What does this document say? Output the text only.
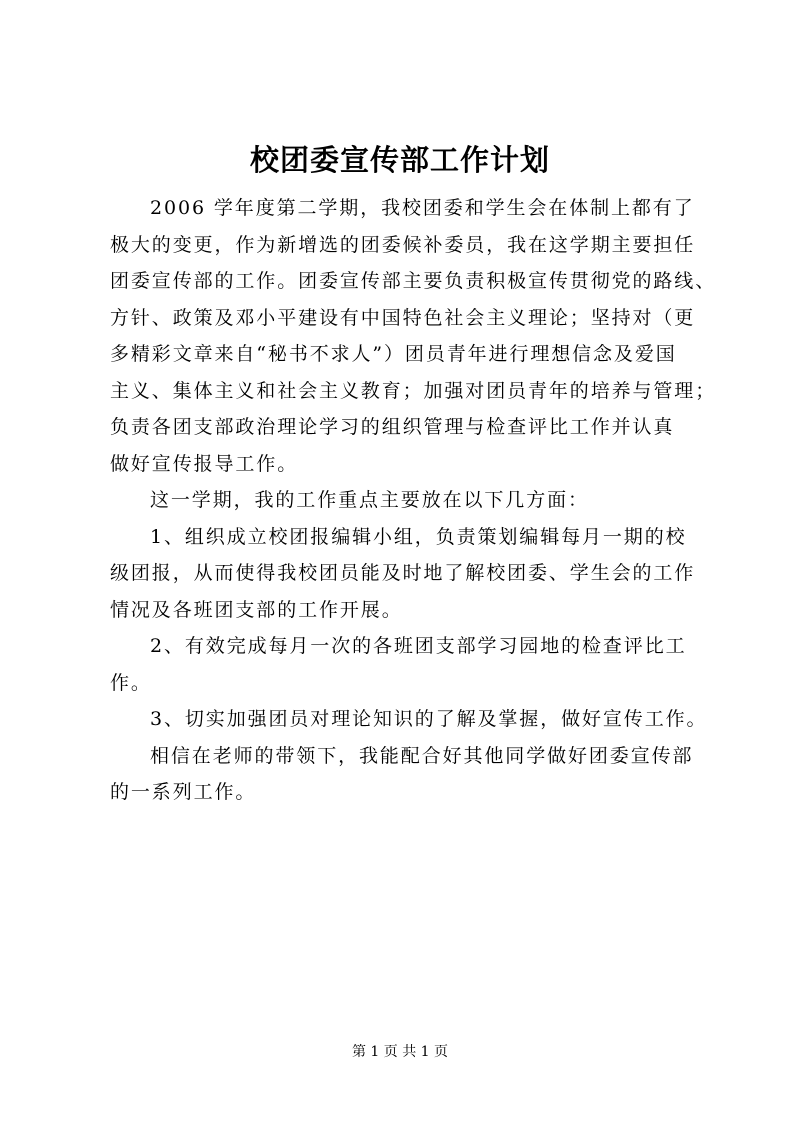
校团委宣传部工作计划
2006 学年度第二学期，我校团委和学生会在体制上都有了
极大的变更，作为新增选的团委候补委员，我在这学期主要担任
团委宣传部的工作。团委宣传部主要负责积极宣传贯彻党的路线、
方针、政策及邓小平建设有中国特色社会主义理论；坚持对（更
多精彩文章来自“秘书不求人”）团员青年进行理想信念及爱国
主义、集体主义和社会主义教育；加强对团员青年的培养与管理；
负责各团支部政治理论学习的组织管理与检查评比工作并认真
做好宣传报导工作。
这一学期，我的工作重点主要放在以下几方面：
1、组织成立校团报编辑小组，负责策划编辑每月一期的校
级团报，从而使得我校团员能及时地了解校团委、学生会的工作
情况及各班团支部的工作开展。
2、有效完成每月一次的各班团支部学习园地的检查评比工
作。
3、切实加强团员对理论知识的了解及掌握，做好宣传工作。
相信在老师的带领下，我能配合好其他同学做好团委宣传部
的一系列工作。
第 1 页 共 1 页
